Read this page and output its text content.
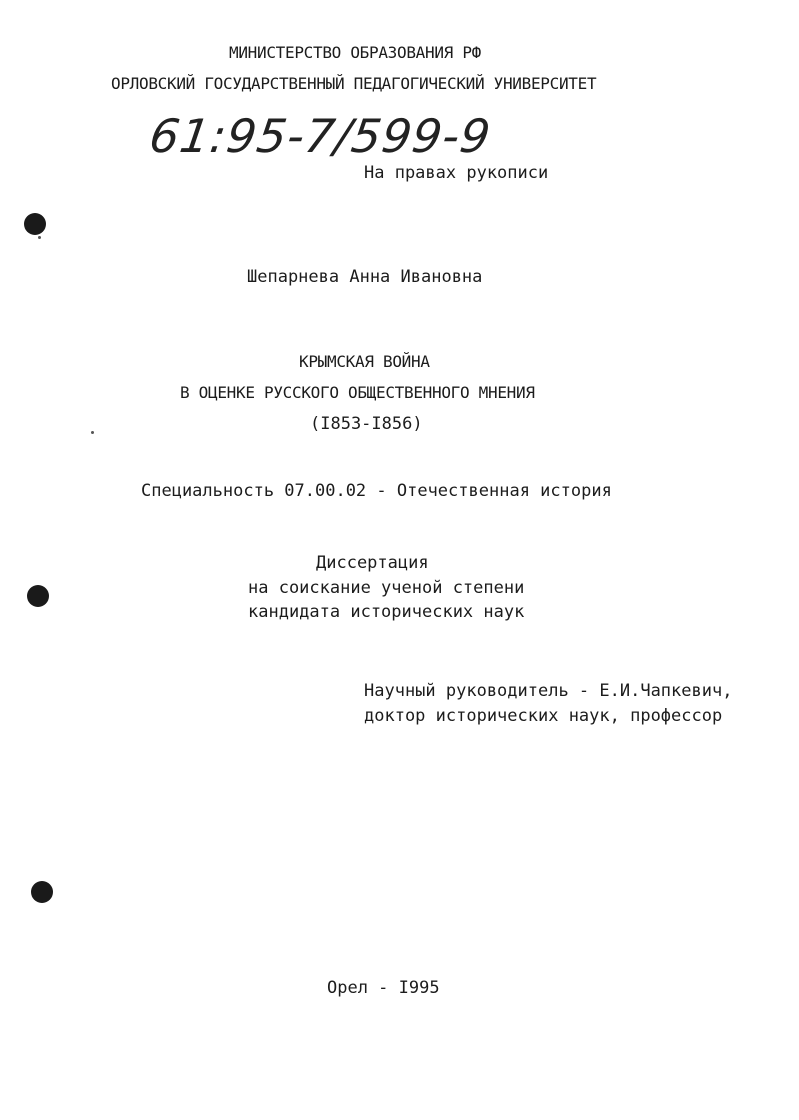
МИНИСТЕРСТВО ОБРАЗОВАНИЯ РФ
ОРЛОВСКИЙ ГОСУДАРСТВЕННЫЙ ПЕДАГОГИЧЕСКИЙ УНИВЕРСИТЕТ
61:95-7/599-9
На правах рукописи
Шепарнева Анна Ивановна
КРЫМСКАЯ ВОЙНА
В ОЦЕНКЕ РУССКОГО ОБЩЕСТВЕННОГО МНЕНИЯ
(I853-I856)
Специальность 07.00.02 - Отечественная история
Диссертация
на соискание ученой степени
кандидата исторических наук
Научный руководитель - Е.И.Чапкевич,
доктор исторических наук, профессор
Орел - I995
